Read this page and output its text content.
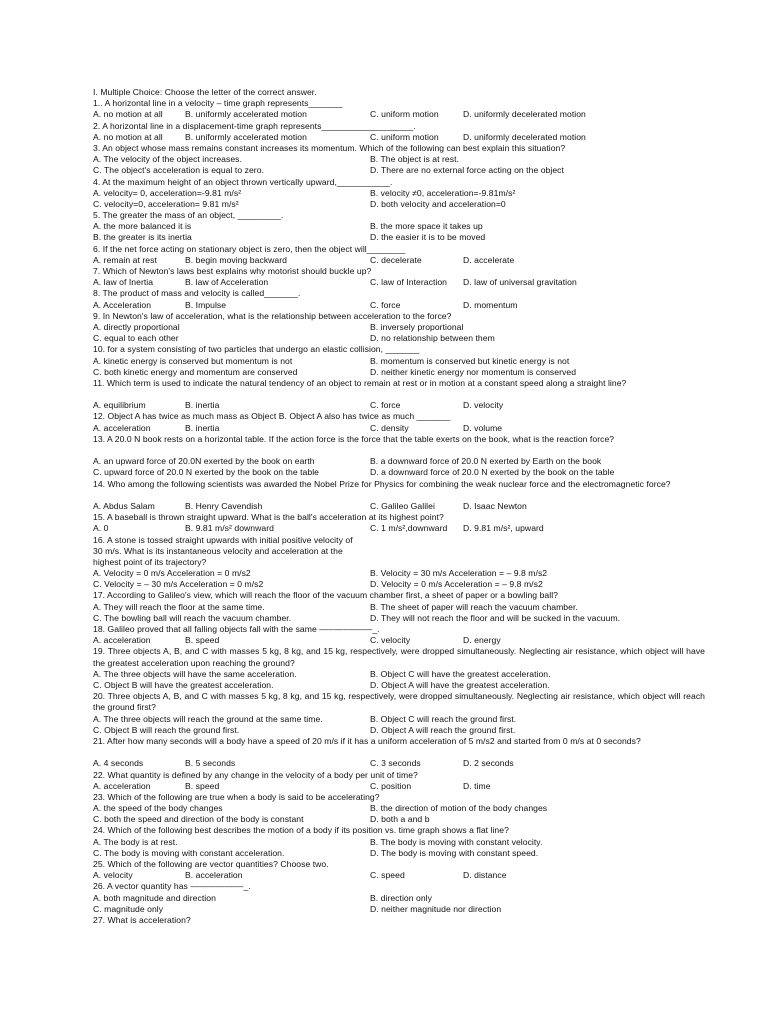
I. Multiple Choice: Choose the letter of the correct answer.
1.. A horizontal line in a velocity – time graph represents_______
A. no motion at all	B. uniformly accelerated motion	C. uniform motion	D. uniformly decelerated motion
2. A horizontal line in a displacement-time graph represents___________________.
A. no motion at all	B. uniformly accelerated motion	C. uniform motion	D. uniformly decelerated motion
3. An object whose mass remains constant increases its momentum. Which of the following can best explain this situation?
A. The velocity of the object increases.	B. The object is at rest.
C. The object's acceleration is equal to zero.	D. There are no external force acting on the object
4. At the maximum height of an object thrown vertically upward,___________.
A. velocity= 0, acceleration=-9.81 m/s²	B. velocity ≠0, acceleration=-9.81m/s²
C. velocity=0, acceleration= 9.81 m/s²	D. both velocity and acceleration=0
5. The greater the mass of an object, _________.
A. the more balanced it is	B. the more space it takes up
B. the greater is its inertia	D. the easier it is to be moved
6. If the net force acting on stationary object is zero, then the object will________
A. remain at rest	B. begin moving backward	C. decelerate	D. accelerate
7. Which of Newton's laws best explains why motorist should buckle up?
A. law of Inertia	B. law of Acceleration	C. law of Interaction	D. law of universal gravitation
8. The product of mass and velocity is called_______.
A. Acceleration	B. Impulse	C. force	D. momentum
9. In Newton's law of acceleration, what is the relationship between acceleration to the force?
A. directly proportional	B. inversely proportional
C. equal to each other	D. no relationship between them
10. for a system consisting of two particles that undergo an elastic collision, _______
A. kinetic energy is conserved but momentum is not	B. momentum is conserved but kinetic energy is not
C. both kinetic energy and momentum are conserved	D. neither kinetic energy nor momentum is conserved
11. Which term is used to indicate the natural tendency of an object to remain at rest or in motion at a constant speed along a straight line?
A. equilibrium	B. inertia	C. force	D. velocity
12. Object A has twice as much mass as Object B. Object A also has twice as much _______
A. acceleration	B. inertia	C. density	D. volume
13. A 20.0 N book rests on a horizontal table. If the action force is the force that the table exerts on the book, what is the reaction force?
A. an upward force of 20.0N exerted by the book on earth	B. a downward force of 20.0 N exerted by Earth on the book
C. upward force of 20.0 N exerted by the book on the table	D. a downward force of 20.0 N exerted by the book on the table
14. Who among the following scientists was awarded the Nobel Prize for Physics for combining the weak nuclear force and the electromagnetic force?
A. Abdus Salam	B. Henry Cavendish	C. Galileo Galilei	D. Isaac Newton
15. A baseball is thrown straight upward. What is the ball's acceleration at its highest point?
A. 0	B. 9.81 m/s² downward	C. 1 m/s²,downward	D. 9.81 m/s², upward
16. A stone is tossed straight upwards with initial positive velocity of
30 m/s. What is its instantaneous velocity and acceleration at the
highest point of its trajectory?
A. Velocity = 0 m/s Acceleration = 0 m/s2	B. Velocity = 30 m/s Acceleration = – 9.8 m/s2
C. Velocity = – 30 m/s Acceleration = 0 m/s2	D. Velocity = 0 m/s Acceleration = – 9.8 m/s2
17. According to Galileo's view, which will reach the floor of the vacuum chamber first, a sheet of paper or a bowling ball?
A. They will reach the floor at the same time.	B. The sheet of paper will reach the vacuum chamber.
C. The bowling ball will reach the vacuum chamber.	D. They will not reach the floor and will be sucked in the vacuum.
18. Galileo proved that all falling objects fall with the same ‒‒‒‒‒‒‒‒‒‒‒_.
A. acceleration	B. speed	C. velocity	D. energy
19. Three objects A, B, and C with masses 5 kg, 8 kg, and 15 kg, respectively, were dropped simultaneously. Neglecting air resistance, which object will have the greatest acceleration upon reaching the ground?
A. The three objects will have the same acceleration.	B. Object C will have the greatest acceleration.
C. Object B will have the greatest acceleration.	D. Object A will have the greatest acceleration.
20. Three objects A, B, and C with masses 5 kg, 8 kg, and 15 kg, respectively, were dropped simultaneously. Neglecting air resistance, which object will reach the ground first?
A. The three objects will reach the ground at the same time.	B. Object C will reach the ground first.
C. Object B will reach the ground first.	D. Object A will reach the ground first.
21. After how many seconds will a body have a speed of 20 m/s if it has a uniform acceleration of 5 m/s2 and started from 0 m/s at 0 seconds?
A. 4 seconds	B. 5 seconds	C. 3 seconds	D. 2 seconds
22. What quantity is defined by any change in the velocity of a body per unit of time?
A. acceleration	B. speed	C. position	D. time
23. Which of the following are true when a body is said to be accelerating?
A. the speed of the body changes	B. the direction of motion of the body changes
C. both the speed and direction of the body is constant	D. both a and b
24. Which of the following best describes the motion of a body if its position vs. time graph shows a flat line?
A. The body is at rest.	B. The body is moving with constant velocity.
C. The body is moving with constant acceleration.	D. The body is moving with constant speed.
25. Which of the following are vector quantities? Choose two.
A. velocity	B. acceleration	C. speed	D. distance
26. A vector quantity has ‒‒‒‒‒‒‒‒‒‒‒_.
A. both magnitude and direction	B. direction only
C. magnitude only	D. neither magnitude nor direction
27. What is acceleration?
